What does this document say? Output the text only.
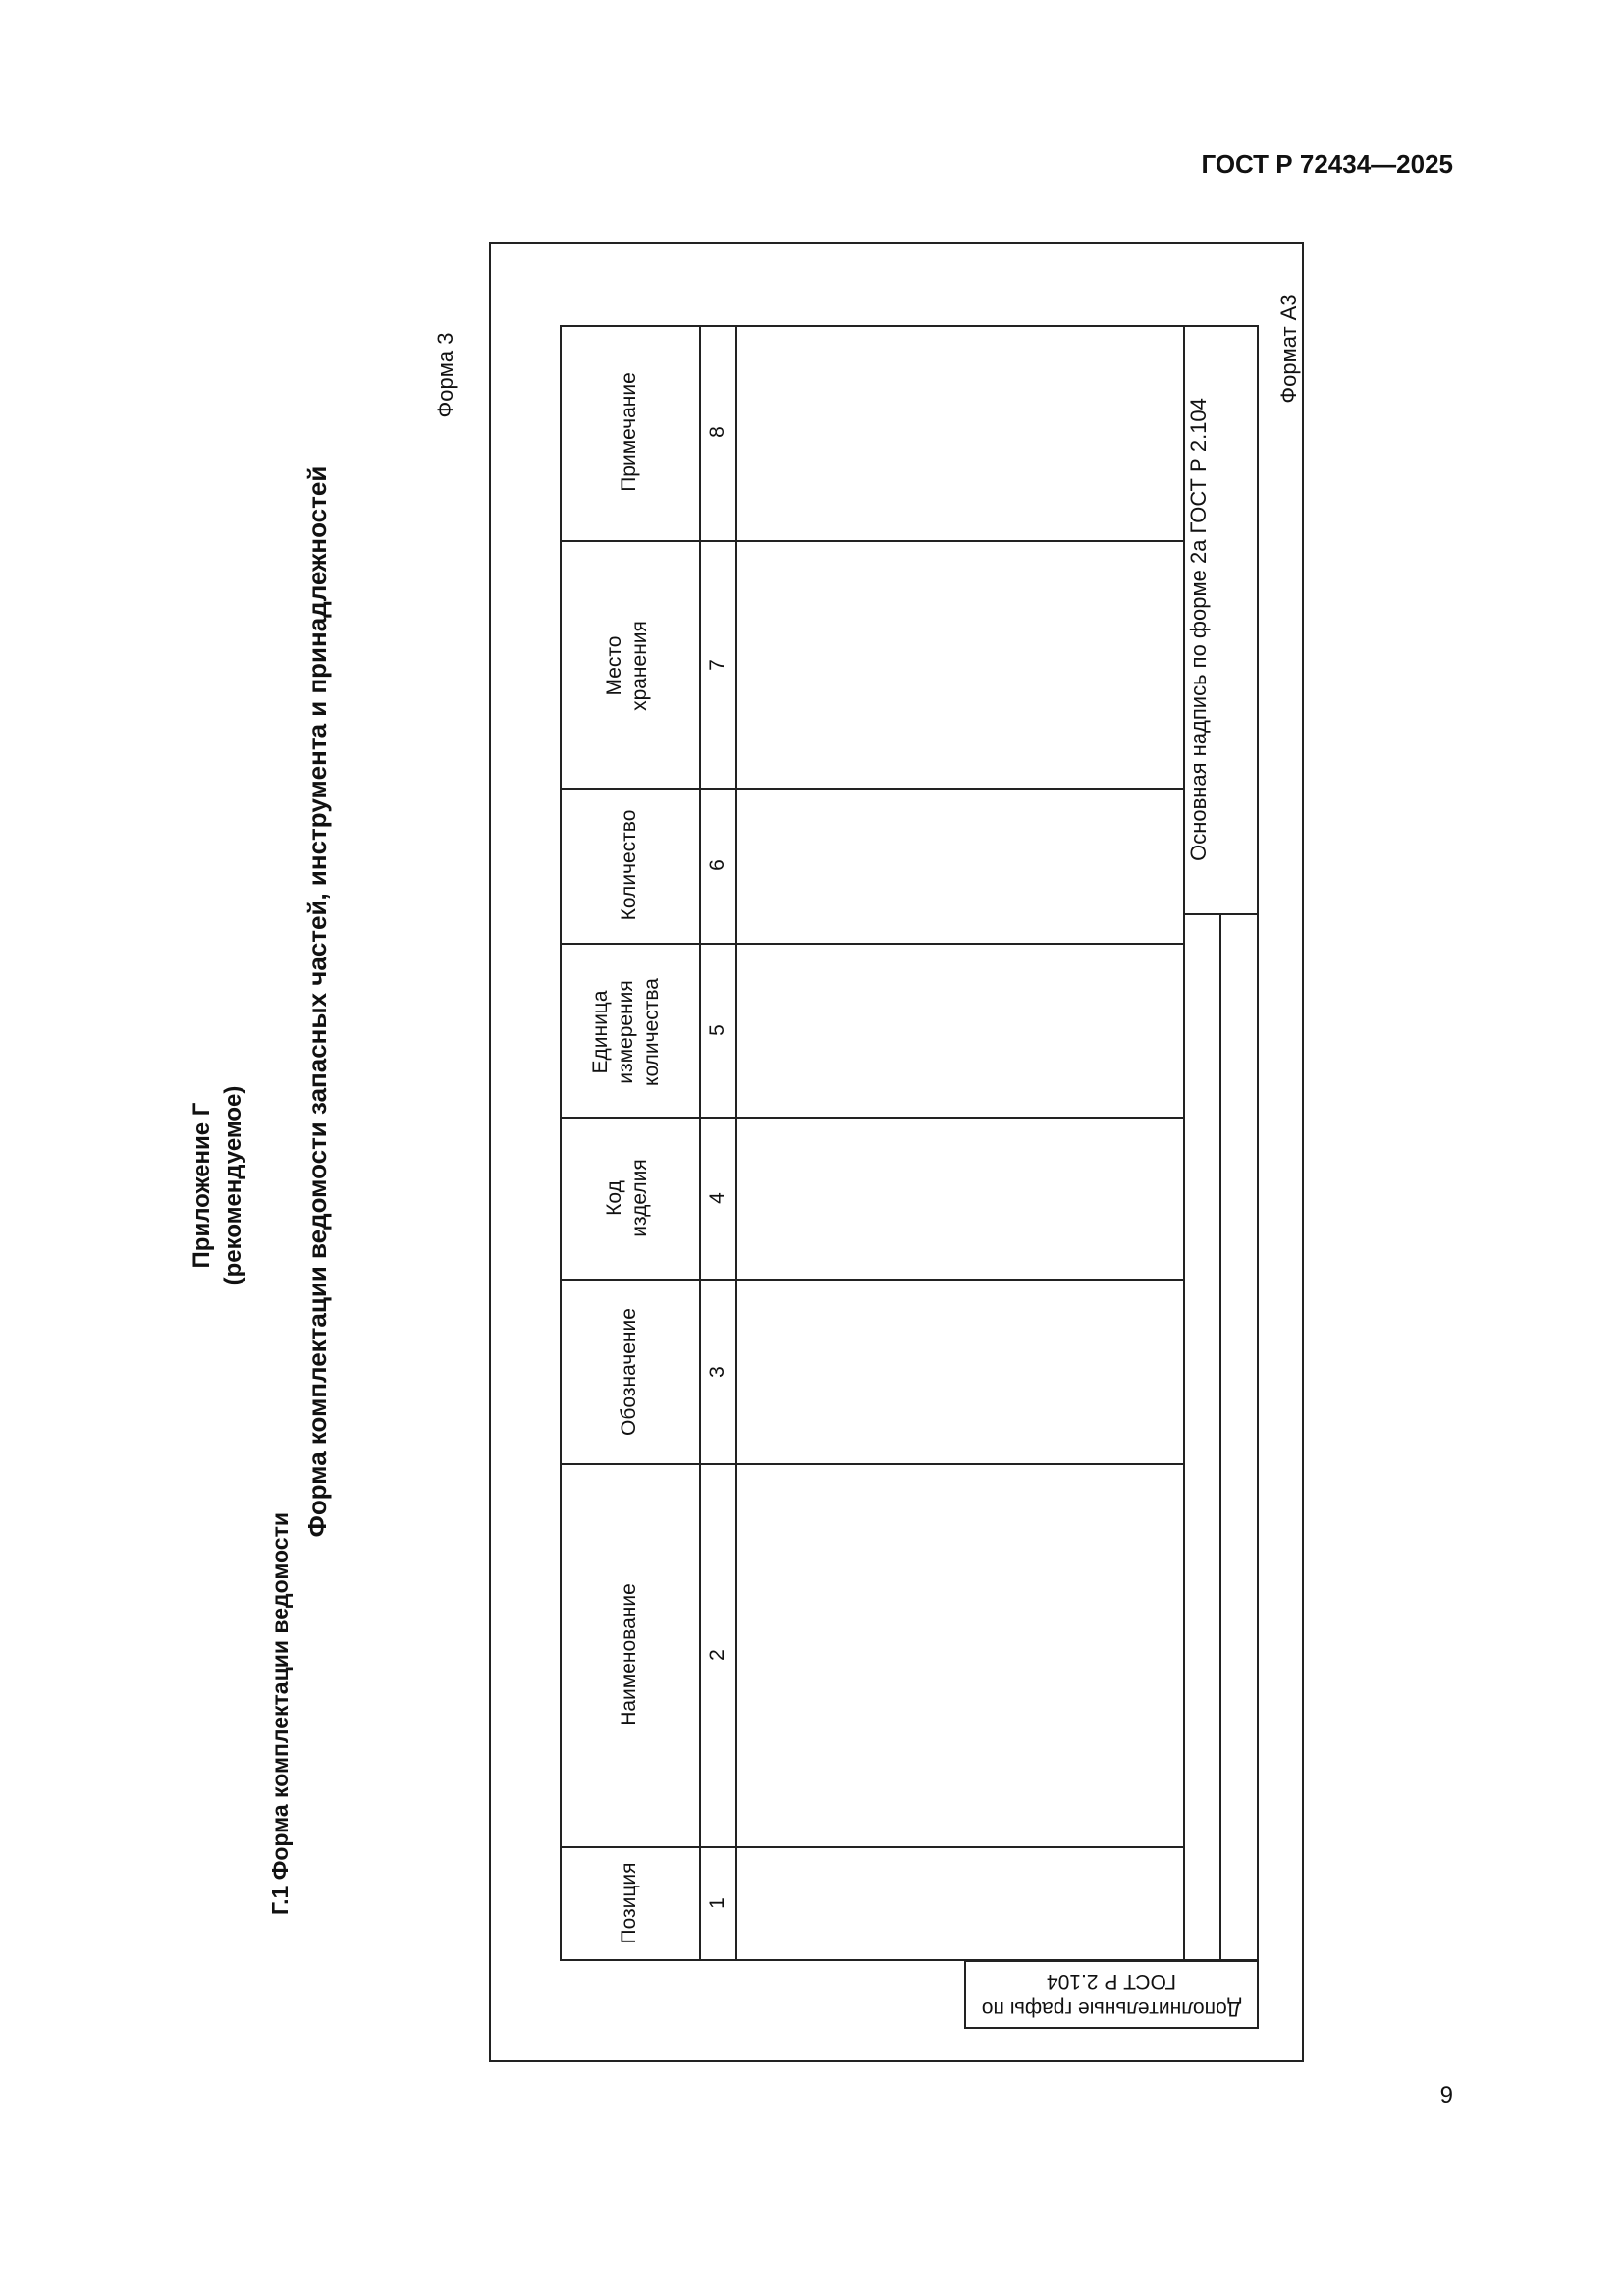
ГОСТ Р 72434—2025
Приложение Г (рекомендуемое) Форма комплектации ведомости запасных частей, инструмента и принадлежностей
Г.1 Форма комплектации ведомости
Форма 3	Примечание
Место хранения
Количество
Единица измерения количества
Код изделия
Обозначение
Наименование
Позиция
8
7
6
5
4
3
2
1
Основная надпись по форме 2а ГОСТ Р 2.104
Формат А3
Дополнительные графы по ГОСТ Р 2.104
9
